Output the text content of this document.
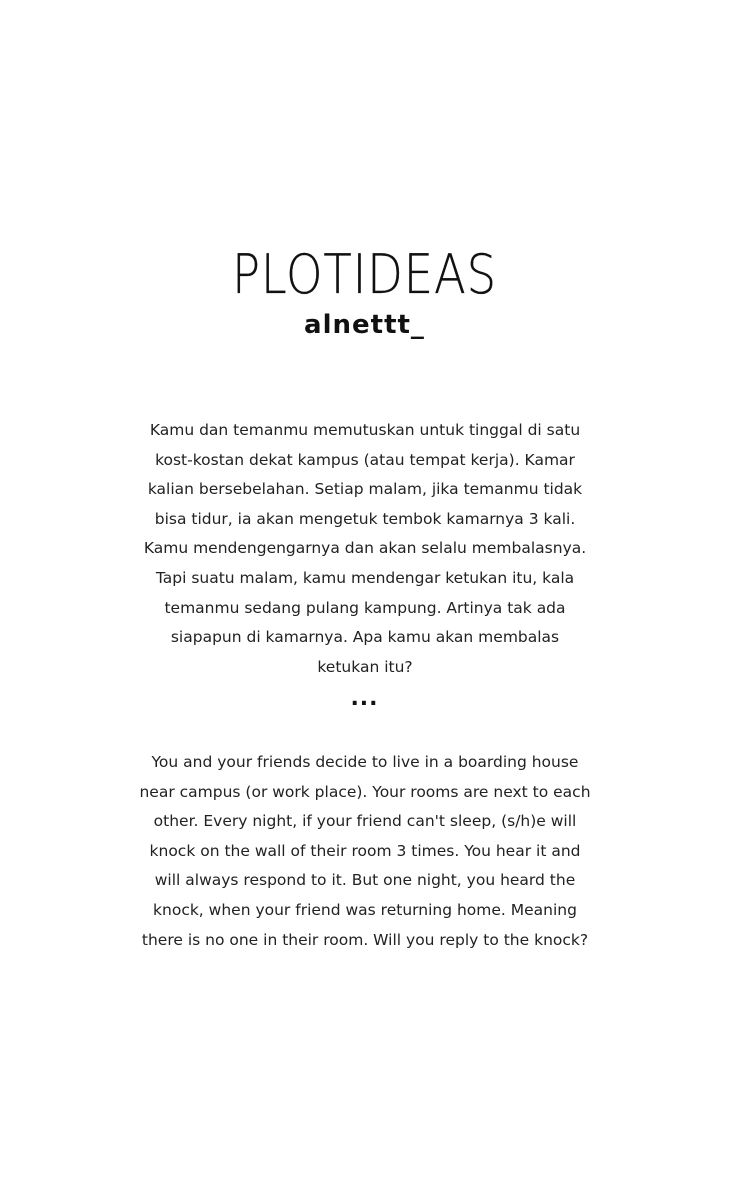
PLOTIDEAS
alnettt_

Kamu dan temanmu memutuskan untuk tinggal di satu kost-kostan dekat kampus (atau tempat kerja). Kamar kalian bersebelahan. Setiap malam, jika temanmu tidak bisa tidur, ia akan mengetuk tembok kamarnya 3 kali. Kamu mendengengarnya dan akan selalu membalasnya. Tapi suatu malam, kamu mendengar ketukan itu, kala temanmu sedang pulang kampung. Artinya tak ada siapapun di kamarnya. Apa kamu akan membalas ketukan itu?

...

You and your friends decide to live in a boarding house near campus (or work place). Your rooms are next to each other. Every night, if your friend can't sleep, (s/h)e will knock on the wall of their room 3 times. You hear it and will always respond to it. But one night, you heard the knock, when your friend was returning home. Meaning there is no one in their room. Will you reply to the knock?
